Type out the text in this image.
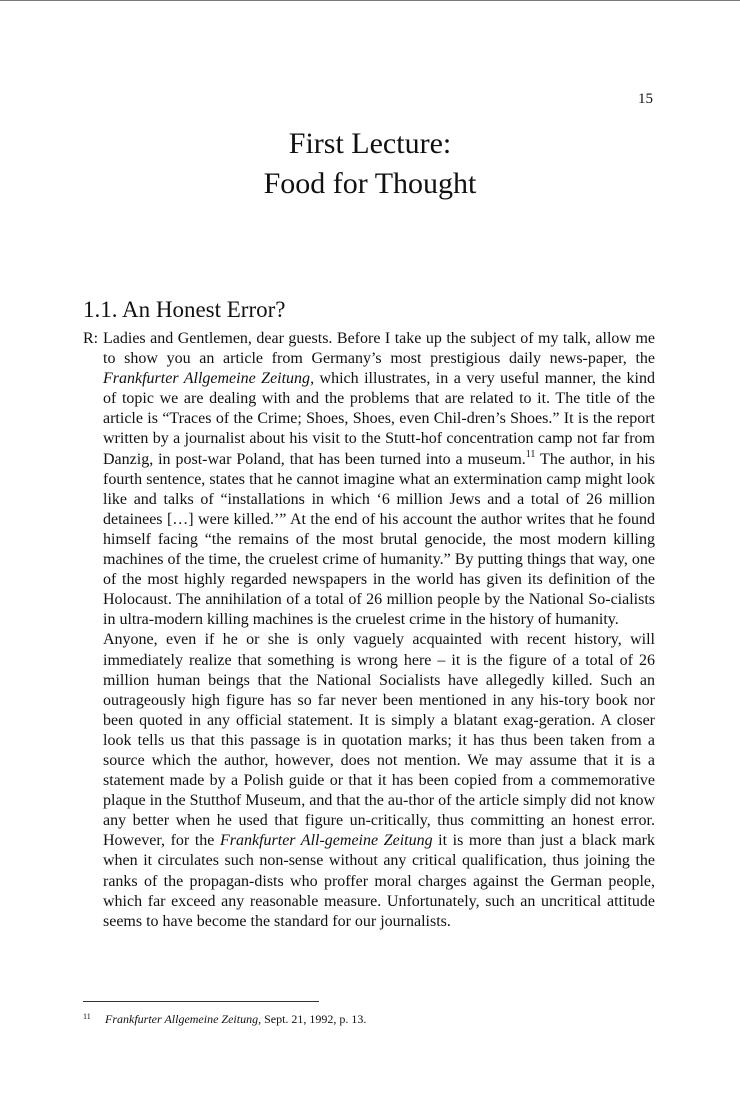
15
First Lecture:
Food for Thought
1.1. An Honest Error?
R: Ladies and Gentlemen, dear guests. Before I take up the subject of my talk, allow me to show you an article from Germany’s most prestigious daily news-paper, the Frankfurter Allgemeine Zeitung, which illustrates, in a very useful manner, the kind of topic we are dealing with and the problems that are related to it. The title of the article is “Traces of the Crime; Shoes, Shoes, even Chil-dren’s Shoes.” It is the report written by a journalist about his visit to the Stutt-hof concentration camp not far from Danzig, in post-war Poland, that has been turned into a museum.$^{11}$ The author, in his fourth sentence, states that he cannot imagine what an extermination camp might look like and talks of “installations in which ‘6 million Jews and a total of 26 million detainees […] were killed.’” At the end of his account the author writes that he found himself facing “the remains of the most brutal genocide, the most modern killing machines of the time, the cruelest crime of humanity.” By putting things that way, one of the most highly regarded newspapers in the world has given its definition of the Holocaust. The annihilation of a total of 26 million people by the National So-cialists in ultra-modern killing machines is the cruelest crime in the history of humanity.

Anyone, even if he or she is only vaguely acquainted with recent history, will immediately realize that something is wrong here – it is the figure of a total of 26 million human beings that the National Socialists have allegedly killed. Such an outrageously high figure has so far never been mentioned in any his-tory book nor been quoted in any official statement. It is simply a blatant exag-geration. A closer look tells us that this passage is in quotation marks; it has thus been taken from a source which the author, however, does not mention. We may assume that it is a statement made by a Polish guide or that it has been copied from a commemorative plaque in the Stutthof Museum, and that the au-thor of the article simply did not know any better when he used that figure un-critically, thus committing an honest error. However, for the Frankfurter All-gemeine Zeitung it is more than just a black mark when it circulates such non-sense without any critical qualification, thus joining the ranks of the propagan-dists who proffer moral charges against the German people, which far exceed any reasonable measure. Unfortunately, such an uncritical attitude seems to have become the standard for our journalists.

11 Frankfurter Allgemeine Zeitung, Sept. 21, 1992, p. 13.
